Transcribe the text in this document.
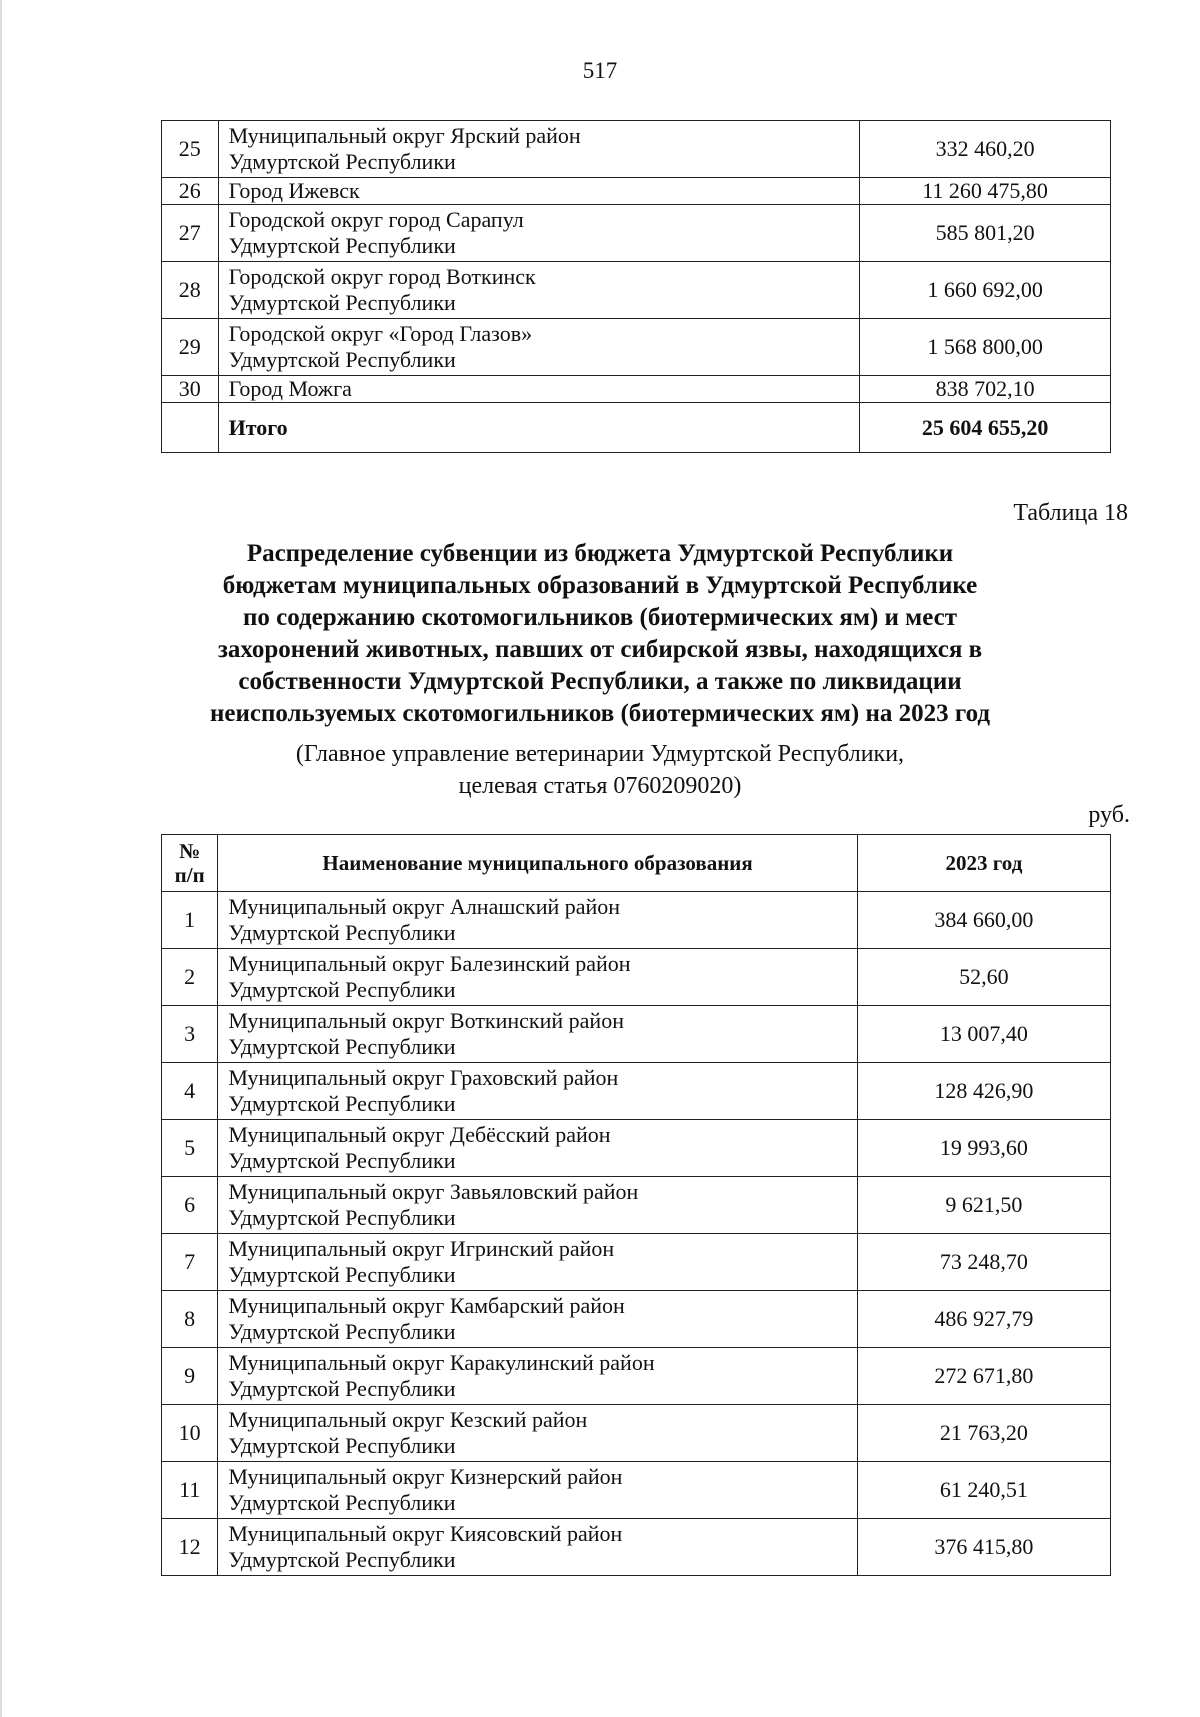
517
25	Муниципальный округ Ярский район
Удмуртской Республики	332 460,20
26	Город Ижевск	11 260 475,80
27	Городской округ город Сарапул
Удмуртской Республики	585 801,20
28	Городской округ город Воткинск
Удмуртской Республики	1 660 692,00
29	Городской округ «Город Глазов»
Удмуртской Республики	1 568 800,00
30	Город Можга	838 702,10
	Итого	25 604 655,20
Таблица 18
Распределение субвенции из бюджета Удмуртской Республики
бюджетам муниципальных образований в Удмуртской Республике
по содержанию скотомогильников (биотермических ям) и мест
захоронений животных, павших от сибирской язвы, находящихся в
собственности Удмуртской Республики, а также по ликвидации
неиспользуемых скотомогильников (биотермических ям) на 2023 год
(Главное управление ветеринарии Удмуртской Республики,
целевая статья 0760209020)
руб.
№
п/п	Наименование муниципального образования	2023 год
1	Муниципальный округ Алнашский район
Удмуртской Республики	384 660,00
2	Муниципальный округ Балезинский район
Удмуртской Республики	52,60
3	Муниципальный округ Воткинский район
Удмуртской Республики	13 007,40
4	Муниципальный округ Граховский район
Удмуртской Республики	128 426,90
5	Муниципальный округ Дебёсский район
Удмуртской Республики	19 993,60
6	Муниципальный округ Завьяловский район
Удмуртской Республики	9 621,50
7	Муниципальный округ Игринский район
Удмуртской Республики	73 248,70
8	Муниципальный округ Камбарский район
Удмуртской Республики	486 927,79
9	Муниципальный округ Каракулинский район
Удмуртской Республики	272 671,80
10	Муниципальный округ Кезский район
Удмуртской Республики	21 763,20
11	Муниципальный округ Кизнерский район
Удмуртской Республики	61 240,51
12	Муниципальный округ Киясовский район
Удмуртской Республики	376 415,80
